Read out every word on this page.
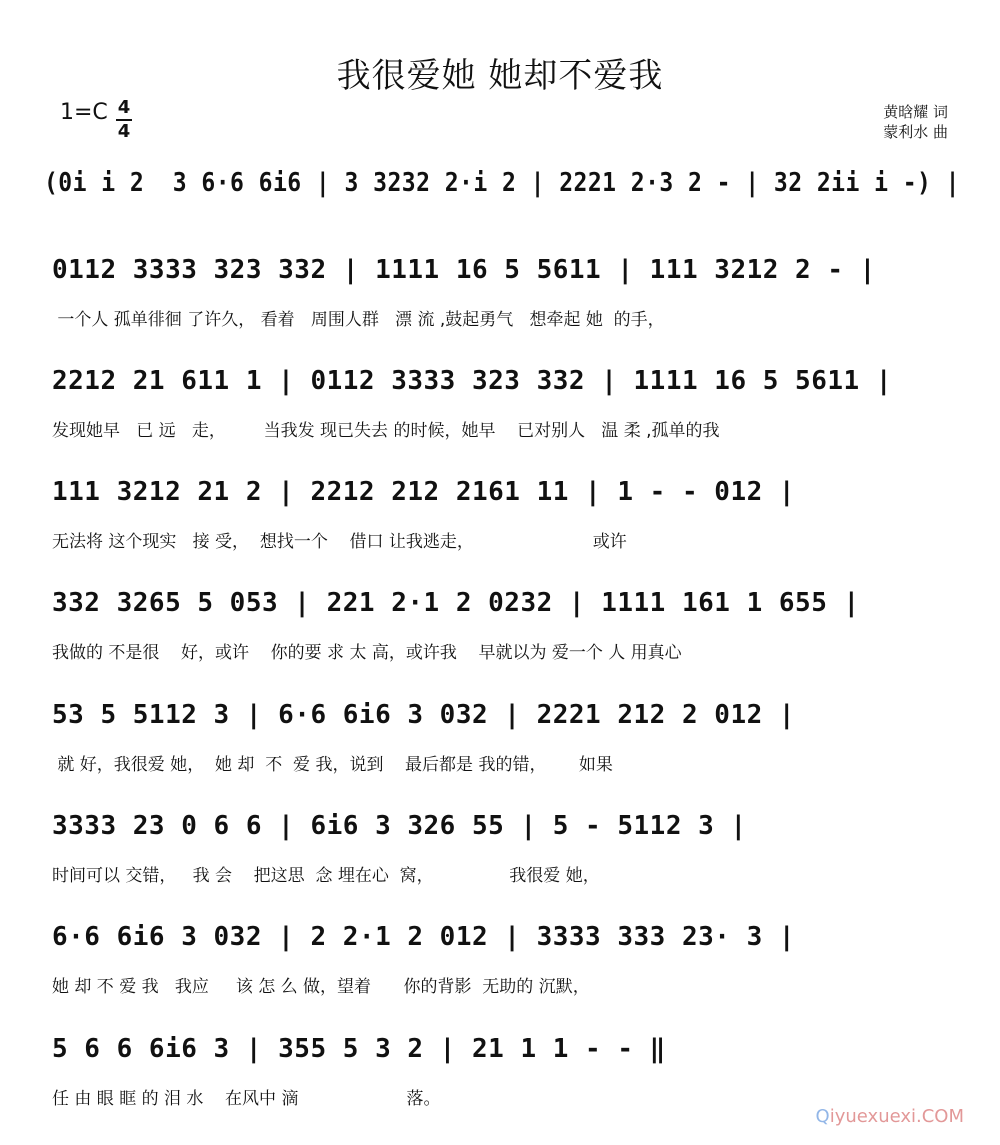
我很爱她 她却不爱我
1=C 4
4
黄晗耀 词
蒙利水 曲
(0i i 2  3 6·6 6i6 | 3 3232 2·i 2 | 2221 2·3 2 - | 32 2ii i -) |
0112 3333 323 332 | 1111 16 5 5611 | 111 3212 2 - |
一个人 孤单徘徊 了许久， 看着   周围人群   漂 流 ,鼓起勇气   想牵起 她  的手，
2212 21 611 1 | 0112 3333 323 332 | 1111 16 5 5611 |
发现她早   已 远   走，       当我发 现已失去 的时候，她早    已对别人   温 柔 ,孤单的我
111 3212 21 2 | 2212 212 2161 11 | 1 - - 012 |
无法将 这个现实   接 受，  想找一个    借口 让我逃走，                      或许
332 3265 5 053 | 221 2·1 2 0232 | 1111 161 1 655 |
我做的 不是很    好，或许    你的要 求 太 高，或许我    早就以为 爱一个 人 用真心
53 5 5112 3 | 6·6 6i6 3 032 | 2221 212 2 012 |
就 好，我很爱 她，  她 却  不  爱 我，说到    最后都是 我的错，      如果
3333 23 0 6 6 | 6i6 3 326 55 | 5 - 5112 3 |
时间可以 交错，   我 会    把这思  念 埋在心  窝，              我很爱 她，
6·6 6i6 3 032 | 2 2·1 2 012 | 3333 333 23· 3 |
她 却 不 爱 我   我应     该 怎 么 做，望着      你的背影  无助的 沉默，
5 6 6 6i6 3 | 355 5 3 2 | 21 1 1 - - ‖
任 由 眼 眶 的 泪 水    在风中 滴                    落。
Qiyuexuexi.COM
